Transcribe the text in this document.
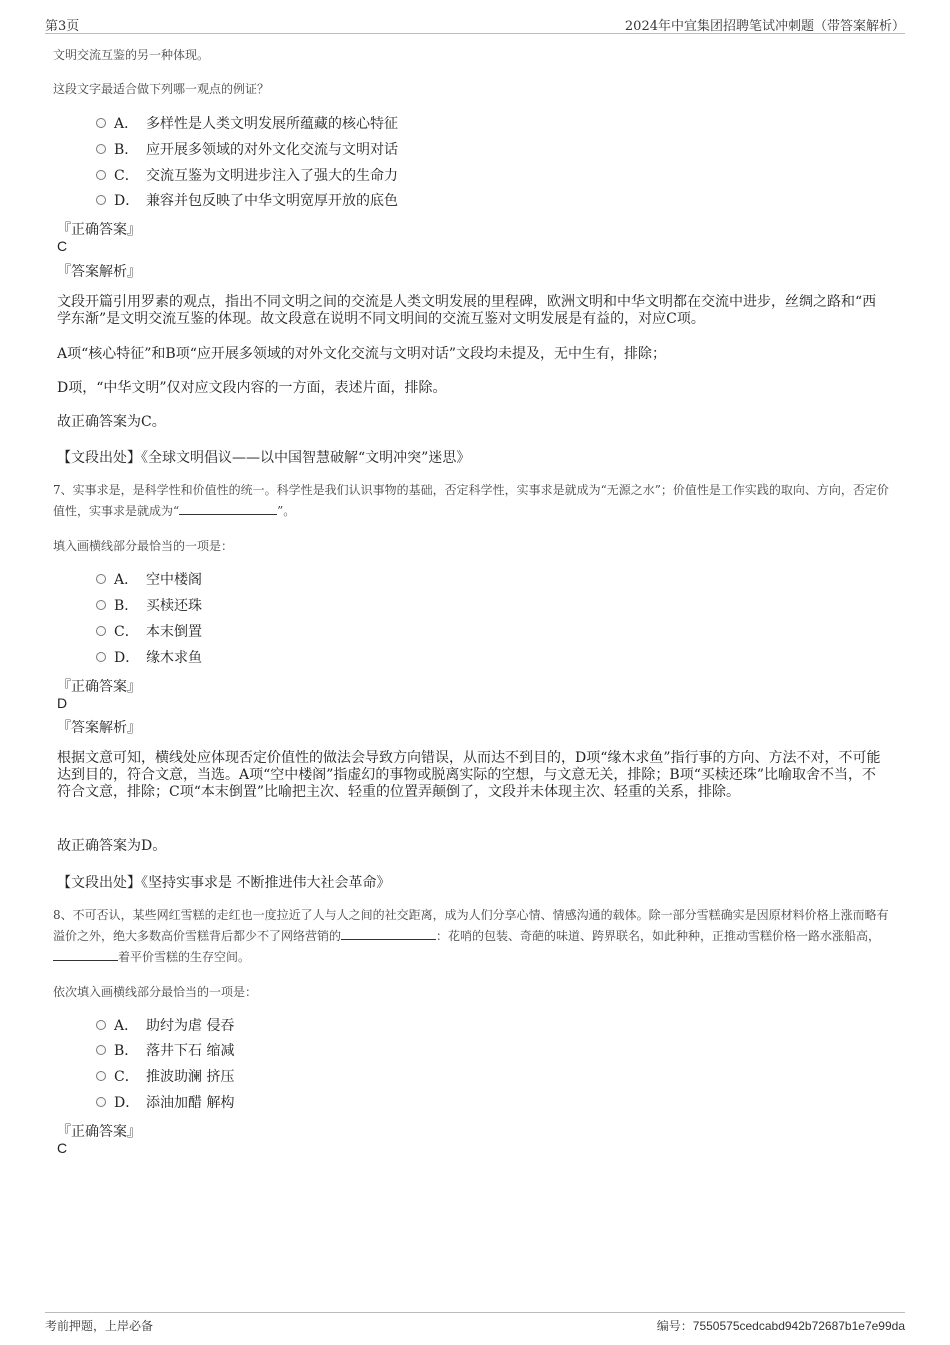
第3页	2024年中宜集团招聘笔试冲刺题（带答案解析）
文明交流互鉴的另一种体现。
这段文字最适合做下列哪一观点的例证？
A． 多样性是人类文明发展所蕴藏的核心特征
B． 应开展多领域的对外文化交流与文明对话
C． 交流互鉴为文明进步注入了强大的生命力
D． 兼容并包反映了中华文明宽厚开放的底色
『正确答案』
C
『答案解析』
文段开篇引用罗素的观点，指出不同文明之间的交流是人类文明发展的里程碑，欧洲文明和中华文明都在交流中进步，丝绸之路和“西学东渐”是文明交流互鉴的体现。故文段意在说明不同文明间的交流互鉴对文明发展是有益的，对应C项。
A项“核心特征”和B项“应开展多领域的对外文化交流与文明对话”文段均未提及，无中生有，排除；
D项，“中华文明”仅对应文段内容的一方面，表述片面，排除。
故正确答案为C。
【文段出处】《全球文明倡议——以中国智慧破解“文明冲突”迷思》
7、实事求是，是科学性和价值性的统一。科学性是我们认识事物的基础，否定科学性，实事求是就成为“无源之水”；价值性是工作实践的取向、方向，否定价值性，实事求是就成为“	”。
填入画横线部分最恰当的一项是：
A． 空中楼阁
B． 买椟还珠
C． 本末倒置
D． 缘木求鱼
『正确答案』
D
『答案解析』
根据文意可知，横线处应体现否定价值性的做法会导致方向错误，从而达不到目的，D项“缘木求鱼”指行事的方向、方法不对，不可能达到目的，符合文意，当选。A项“空中楼阁”指虚幻的事物或脱离实际的空想，与文意无关，排除；B项“买椟还珠”比喻取舍不当，不符合文意，排除；C项“本末倒置”比喻把主次、轻重的位置弄颠倒了，文段并未体现主次、轻重的关系，排除。
故正确答案为D。
【文段出处】《坚持实事求是 不断推进伟大社会革命》
8、不可否认，某些网红雪糕的走红也一度拉近了人与人之间的社交距离，成为人们分享心情、情感沟通的载体。除一部分雪糕确实是因原材料价格上涨而略有溢价之外，绝大多数高价雪糕背后都少不了网络营销的	：花哨的包装、奇葩的味道、跨界联名，如此种种，正推动雪糕价格一路水涨船高，着平价雪糕的生存空间。
依次填入画横线部分最恰当的一项是：
A． 助纣为虐 侵吞
B． 落井下石 缩减
C． 推波助澜 挤压
D． 添油加醋 解构
『正确答案』
C
考前押题，上岸必备	编号：7550575cedcabd942b72687b1e7e99da
